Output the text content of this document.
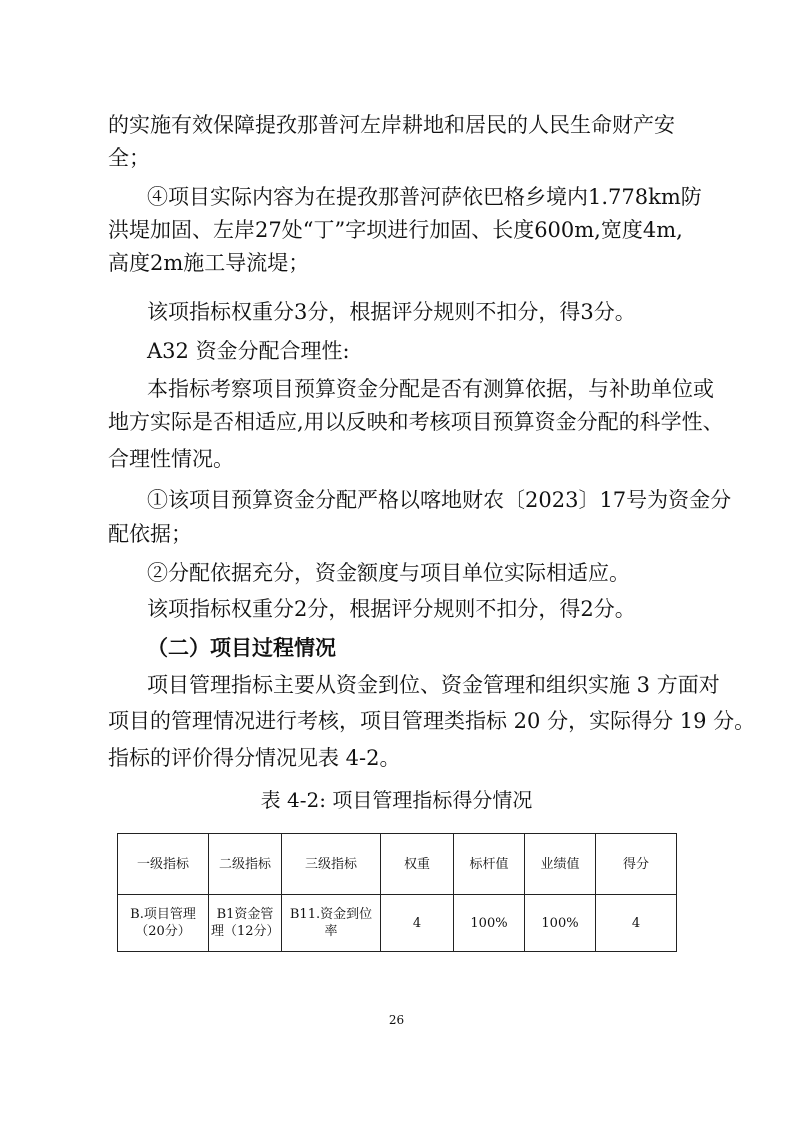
的实施有效保障提孜那普河左岸耕地和居民的人民生命财产安
全；
④项目实际内容为在提孜那普河萨依巴格乡境内1.778km防
洪堤加固、左岸27处“丁”字坝进行加固、长度600m,宽度4m,
高度2m施工导流堤；
该项指标权重分3分，根据评分规则不扣分，得3分。
A32 资金分配合理性:
本指标考察项目预算资金分配是否有测算依据，与补助单位或
地方实际是否相适应,用以反映和考核项目预算资金分配的科学性、
合理性情况。
①该项目预算资金分配严格以喀地财农〔2023〕17号为资金分
配依据；
②分配依据充分，资金额度与项目单位实际相适应。
该项指标权重分2分，根据评分规则不扣分，得2分。
（二）项目过程情况
项目管理指标主要从资金到位、资金管理和组织实施 3 方面对
项目的管理情况进行考核，项目管理类指标 20 分，实际得分 19 分。
指标的评价得分情况见表 4-2。
表 4-2: 项目管理指标得分情况
一级指标	二级指标	三级指标	权重	标杆值	业绩值	得分
B.项目管理（20分）	B1资金管理（12分）	B11.资金到位率	4	100%	100%	4
26
